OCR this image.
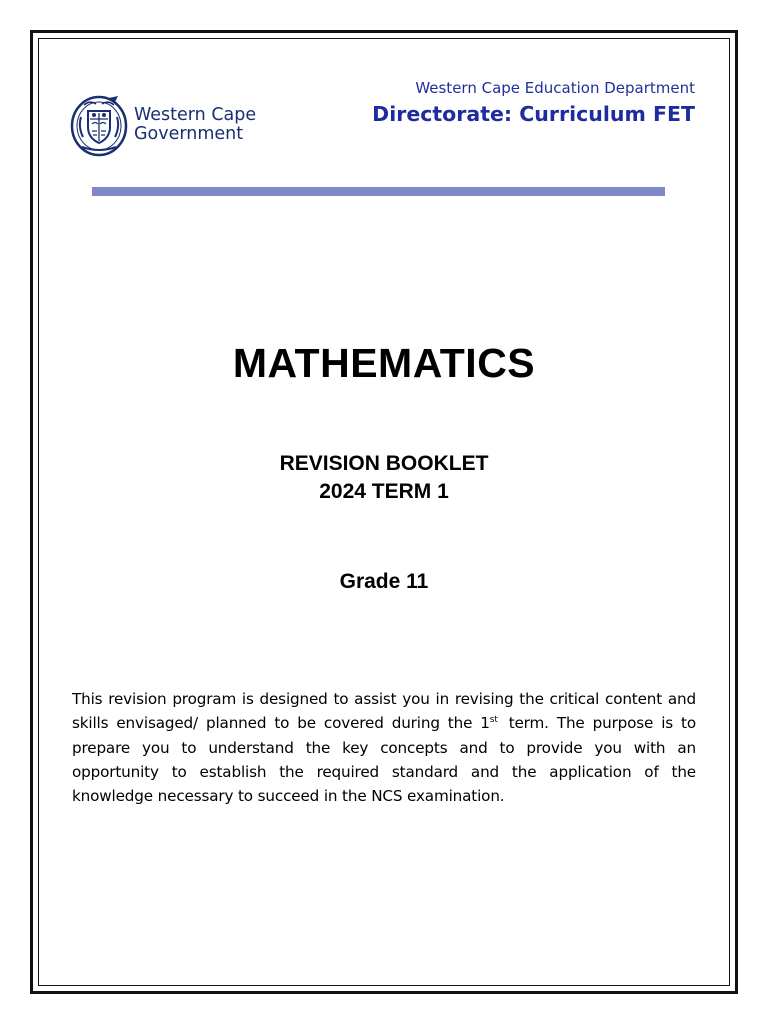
Western Cape
Government
Western Cape Education Department
Directorate: Curriculum FET
MATHEMATICS
REVISION BOOKLET
2024 TERM 1
Grade 11

This revision program is designed to assist you in revising the critical content and skills envisaged/ planned to be covered during the 1st term. The purpose is to prepare you to understand the key concepts and to provide you with an opportunity to establish the required standard and the application of the knowledge necessary to succeed in the NCS examination.
